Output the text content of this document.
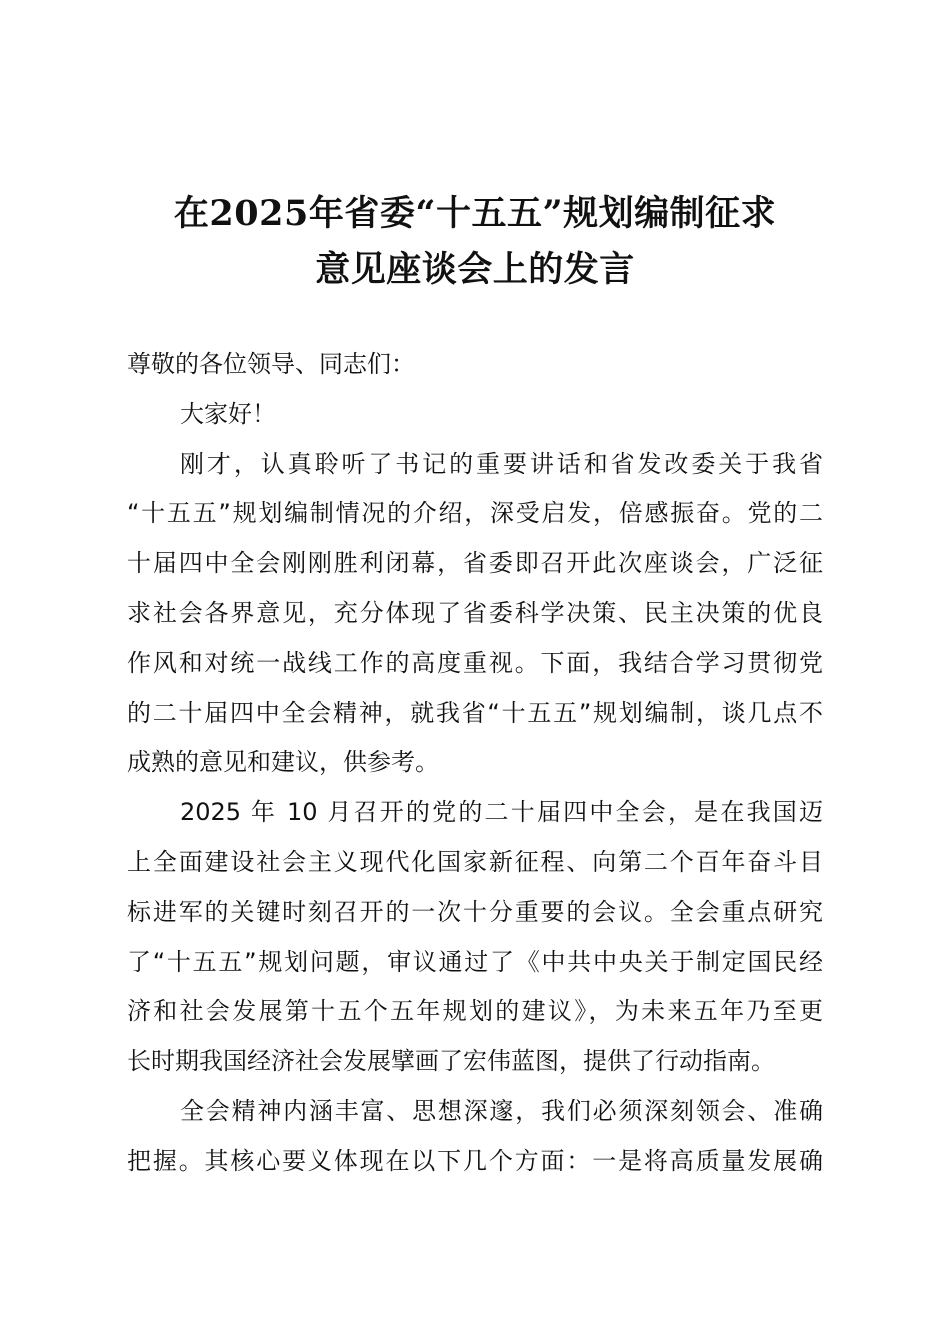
在2025年省委“十五五”规划编制征求
意见座谈会上的发言
尊敬的各位领导、同志们：
大家好！
刚才，认真聆听了书记的重要讲话和省发改委关于我省
“十五五”规划编制情况的介绍，深受启发，倍感振奋。党的二
十届四中全会刚刚胜利闭幕，省委即召开此次座谈会，广泛征
求社会各界意见，充分体现了省委科学决策、民主决策的优良
作风和对统一战线工作的高度重视。下面，我结合学习贯彻党
的二十届四中全会精神，就我省“十五五”规划编制，谈几点不
成熟的意见和建议，供参考。
2025 年 10 月召开的党的二十届四中全会，是在我国迈
上全面建设社会主义现代化国家新征程、向第二个百年奋斗目
标进军的关键时刻召开的一次十分重要的会议。全会重点研究
了“十五五”规划问题，审议通过了《中共中央关于制定国民经
济和社会发展第十五个五年规划的建议》，为未来五年乃至更
长时期我国经济社会发展擘画了宏伟蓝图，提供了行动指南。
全会精神内涵丰富、思想深邃，我们必须深刻领会、准确
把握。其核心要义体现在以下几个方面：一是将高质量发展确
